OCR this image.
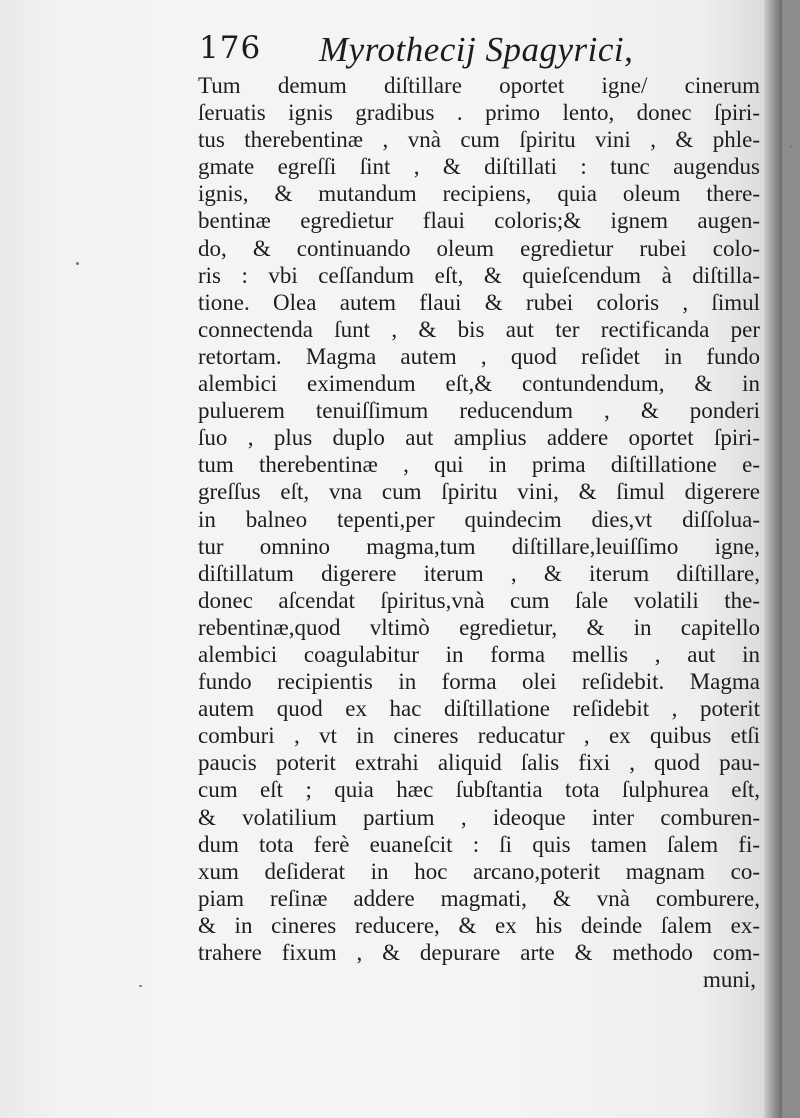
176 Myrothecij Spagyrici,
Tum demum diſtillare oportet igne/ cinerum
ſeruatis ignis gradibus . primo lento, donec ſpiri-
tus therebentinæ , vnà cum ſpiritu vini , & phle-
gmate egreſſi ſint , & diſtillati : tunc augendus
ignis, & mutandum recipiens, quia oleum there-
bentinæ egredietur flaui coloris;& ignem augen-
do, & continuando oleum egredietur rubei colo-
ris : vbi ceſſandum eſt, & quieſcendum à diſtilla-
tione. Olea autem flaui & rubei coloris , ſimul
connectenda ſunt , & bis aut ter rectificanda per
retortam. Magma autem , quod reſidet in fundo
alembici eximendum eſt,& contundendum, & in
puluerem tenuiſſimum reducendum , & ponderi
ſuo , plus duplo aut amplius addere oportet ſpiri-
tum therebentinæ , qui in prima diſtillatione e-
greſſus eſt, vna cum ſpiritu vini, & ſimul digerere
in balneo tepenti,per quindecim dies,vt diſſolua-
tur omnino magma,tum diſtillare,leuiſſimo igne,
diſtillatum digerere iterum , & iterum diſtillare,
donec aſcendat ſpiritus,vnà cum ſale volatili the-
rebentinæ,quod vltimò egredietur, & in capitello
alembici coagulabitur in forma mellis , aut in
fundo recipientis in forma olei reſidebit. Magma
autem quod ex hac diſtillatione reſidebit , poterit
comburi , vt in cineres reducatur , ex quibus etſi
paucis poterit extrahi aliquid ſalis fixi , quod pau-
cum eſt ; quia hæc ſubſtantia tota ſulphurea eſt,
& volatilium partium , ideoque inter comburen-
dum tota ferè euaneſcit : ſi quis tamen ſalem fi-
xum deſiderat in hoc arcano,poterit magnam co-
piam reſinæ addere magmati, & vnà comburere,
& in cineres reducere, & ex his deinde ſalem ex-
trahere fixum , & depurare arte & methodo com-
muni,
